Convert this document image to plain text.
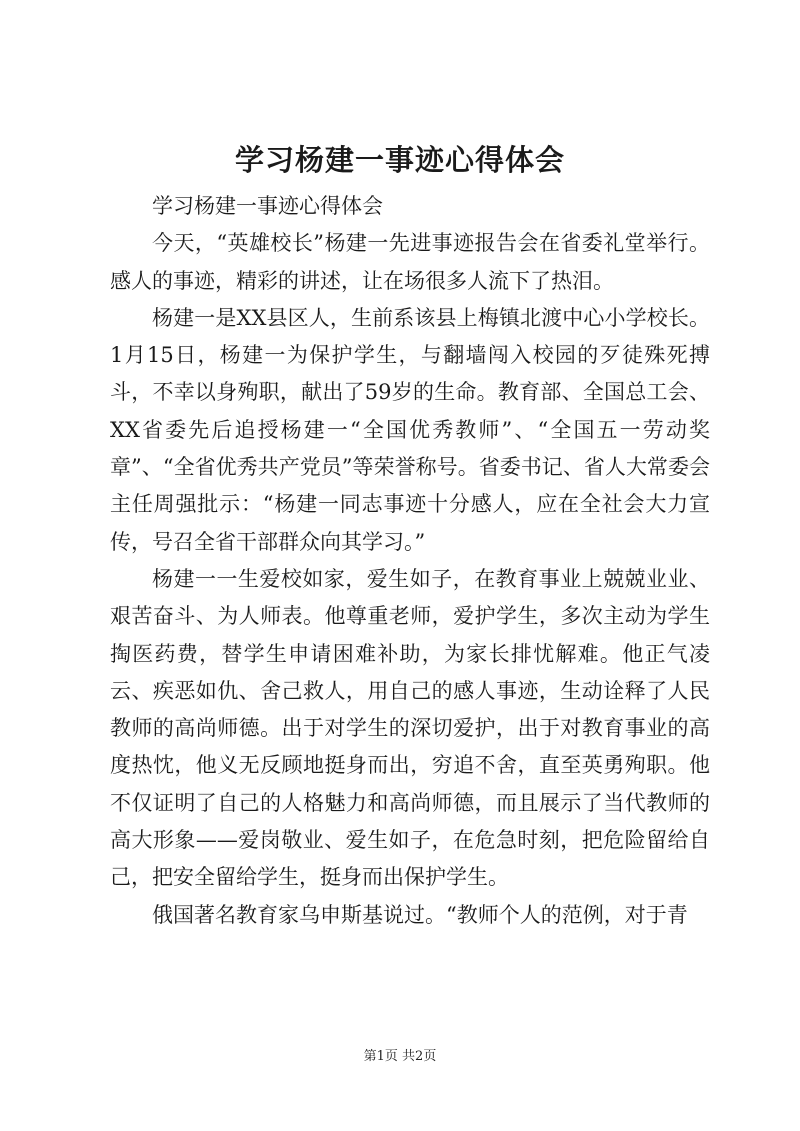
学习杨建一事迹心得体会

学习杨建一事迹心得体会

今天，“英雄校长”杨建一先进事迹报告会在省委礼堂举行。感人的事迹，精彩的讲述，让在场很多人流下了热泪。

杨建一是XX县区人，生前系该县上梅镇北渡中心小学校长。1月15日，杨建一为保护学生，与翻墙闯入校园的歹徒殊死搏斗，不幸以身殉职，献出了59岁的生命。教育部、全国总工会、XX省委先后追授杨建一“全国优秀教师”、“全国五一劳动奖章”、“全省优秀共产党员”等荣誉称号。省委书记、省人大常委会主任周强批示：“杨建一同志事迹十分感人，应在全社会大力宣传，号召全省干部群众向其学习。”

杨建一一生爱校如家，爱生如子，在教育事业上兢兢业业、艰苦奋斗、为人师表。他尊重老师，爱护学生，多次主动为学生掏医药费，替学生申请困难补助，为家长排忧解难。他正气凌云、疾恶如仇、舍己救人，用自己的感人事迹，生动诠释了人民教师的高尚师德。出于对学生的深切爱护，出于对教育事业的高度热忱，他义无反顾地挺身而出，穷追不舍，直至英勇殉职。他不仅证明了自己的人格魅力和高尚师德，而且展示了当代教师的高大形象——爱岗敬业、爱生如子，在危急时刻，把危险留给自己，把安全留给学生，挺身而出保护学生。

俄国著名教育家乌申斯基说过。“教师个人的范例，对于青

第1页 共2页
